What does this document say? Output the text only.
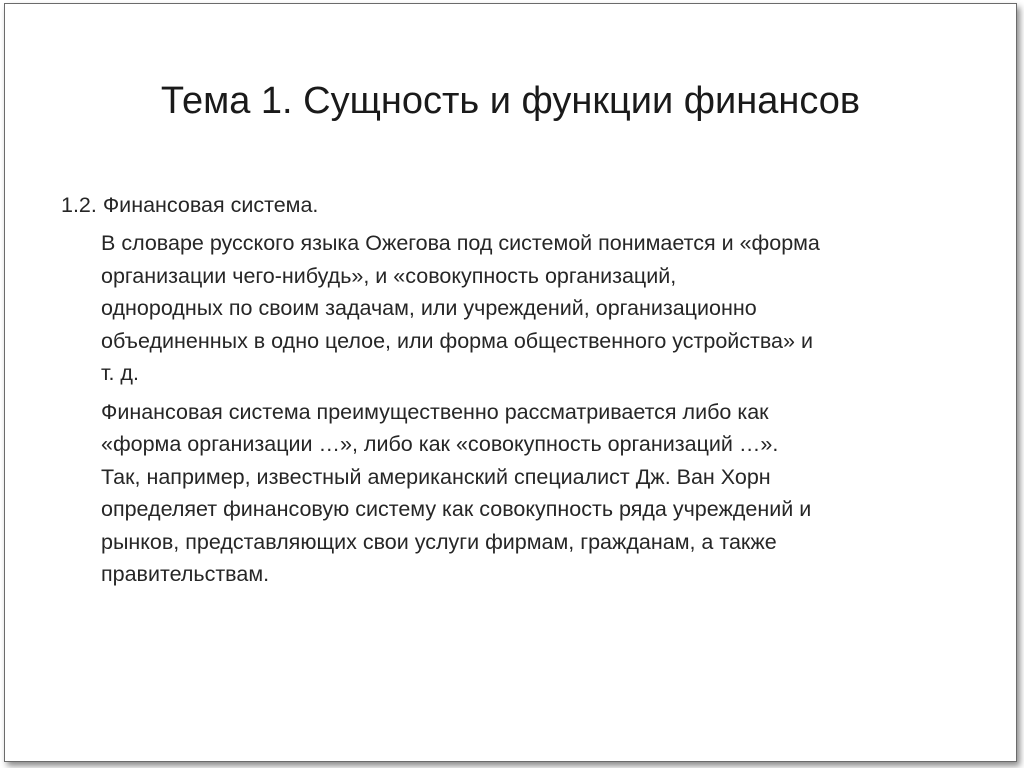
Тема 1. Сущность и функции финансов

1.2. Финансовая система.

В словаре русского языка Ожегова под системой понимается и «форма
организации чего-нибудь», и «совокупность организаций,
однородных по своим задачам, или учреждений, организационно
объединенных в одно целое, или форма общественного устройства» и
т. д.

Финансовая система преимущественно рассматривается либо как
«форма организации …», либо как «совокупность организаций …».
Так, например, известный американский специалист Дж. Ван Хорн
определяет финансовую систему как совокупность ряда учреждений и
рынков, представляющих свои услуги фирмам, гражданам, а также
правительствам.
